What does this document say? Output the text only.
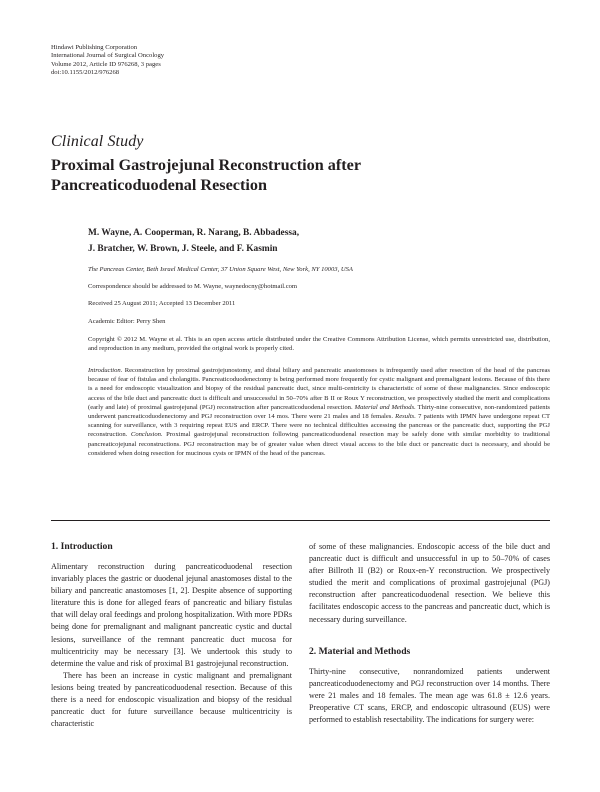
Hindawi Publishing Corporation
International Journal of Surgical Oncology
Volume 2012, Article ID 976268, 3 pages
doi:10.1155/2012/976268
Clinical Study
Proximal Gastrojejunal Reconstruction after
Pancreaticoduodenal Resection
M. Wayne, A. Cooperman, R. Narang, B. Abbadessa,
J. Bratcher, W. Brown, J. Steele, and F. Kasmin
The Pancreas Center, Beth Israel Medical Center, 37 Union Square West, New York, NY 10003, USA
Correspondence should be addressed to M. Wayne, waynedocny@hotmail.com
Received 25 August 2011; Accepted 13 December 2011
Academic Editor: Perry Shen
Copyright © 2012 M. Wayne et al. This is an open access article distributed under the Creative Commons Attribution License, which permits unrestricted use, distribution, and reproduction in any medium, provided the original work is properly cited.
Introduction. Reconstruction by proximal gastrojejunostomy, and distal biliary and pancreatic anastomoses is infrequently used after resection of the head of the pancreas because of fear of fistulas and cholangitis. Pancreaticoduodenectomy is being performed more frequently for cystic malignant and premalignant lesions. Because of this there is a need for endoscopic visualization and biopsy of the residual pancreatic duct, since multi-centricity is characteristic of some of these malignancies. Since endoscopic access of the bile duct and pancreatic duct is difficult and unsuccessful in 50–70% after B II or Roux Y reconstruction, we prospectively studied the merit and complications (early and late) of proximal gastrojejunal (PGJ) reconstruction after pancreaticoduodenal resection. Material and Methods. Thirty-nine consecutive, non-randomized patients underwent pancreaticoduodenectomy and PGJ reconstruction over 14 mos. There were 21 males and 18 females. Results. 7 patients with IPMN have undergone repeat CT scanning for surveillance, with 3 requiring repeat EUS and ERCP. There were no technical difficulties accessing the pancreas or the pancreatic duct, supporting the PGJ reconstruction. Conclusion. Proximal gastrojejunal reconstruction following pancreaticoduodenal resection may be safely done with similar morbidity to traditional pancreaticojejunal reconstructions. PGJ reconstruction may be of greater value when direct visual access to the bile duct or pancreatic duct is necessary, and should be considered when doing resection for mucinous cysts or IPMN of the head of the pancreas.
1. Introduction

Alimentary reconstruction during pancreaticoduodenal resection invariably places the gastric or duodenal jejunal anastomoses distal to the biliary and pancreatic anastomoses [1, 2]. Despite absence of supporting literature this is done for alleged fears of pancreatic and biliary fistulas that will delay oral feedings and prolong hospitalization. With more PDRs being done for premalignant and malignant pancreatic cystic and ductal lesions, surveillance of the remnant pancreatic duct mucosa for multicentricity may be necessary [3]. We undertook this study to determine the value and risk of proximal B1 gastrojejunal reconstruction.

There has been an increase in cystic malignant and premalignant lesions being treated by pancreaticoduodenal resection. Because of this there is a need for endoscopic visualization and biopsy of the residual pancreatic duct for future surveillance because multicentricity is characteristic

of some of these malignancies. Endoscopic access of the bile duct and pancreatic duct is difficult and unsuccessful in up to 50–70% of cases after Billroth II (B2) or Roux-en-Y reconstruction. We prospectively studied the merit and complications of proximal gastrojejunal (PGJ) reconstruction after pancreaticoduodenal resection. We believe this facilitates endoscopic access to the pancreas and pancreatic duct, which is necessary during surveillance.

2. Material and Methods

Thirty-nine consecutive, nonrandomized patients underwent pancreaticoduodenectomy and PGJ reconstruction over 14 months. There were 21 males and 18 females. The mean age was 61.8 ± 12.6 years. Preoperative CT scans, ERCP, and endoscopic ultrasound (EUS) were performed to establish resectability. The indications for surgery were:
